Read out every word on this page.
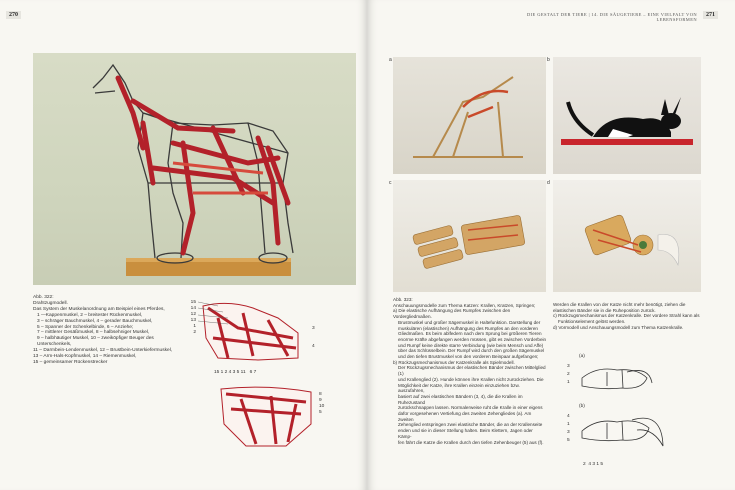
270

Abb. 322:

Drahtzugmodell.

Das System der Muskelanordnung am Beispiel eines Pferdes,

1 —Kappenmuskel, 2 – breitester Rückenmuskel,

3 – schräger Bauchmuskel, 4 – gerader Bauchmuskel,

5 – Spanner der Schenkelbinde, 6 – Anziehe;

7 – mittlerer Gesäßmuskel, 8 – halbsehniger Muskel,

9 – halbhäutiger Muskel, 10 – zweiköpfiger Beuger des Unterschenkels,

11 – Darmbein-Lendenmuskel, 12 – Brustbein-Unterkiefermuskel,

13 – Arm-Hals-Kopfmuskel, 14 – Riemenmuskel,

15 – gemeinsamer Rückenstrecker

15
14
12
13
1
2
3
4
15 1 2 4 3 5 11   6 7
8
9
10
5
DIE GESTALT DER TIERE | 14. DIE SÄUGETIERE – EINE VIELFALT VON LEBENSFORMEN
271
a	b
c	d

Abb. 323:

Anschauungsmodelle zum Thema Katzen: Krallen, Kratzen, Springen;

a) Die elastische Aufhängung des Rumpfes zwischen den Vordergliedmaßen.

Brustmuskel und großer Sägemuskel in Haltefunktion. Darstellung der

muskulären (elastischen) Aufhängung des Rumpfes an den vorderen

Gliedmaßen. Es beim ablfedern nach dem Sprung bei größeren Tieren

enorme Kräfte abgefangen werden müssen, gibt es zwischen Vorderbein

und Rumpf keine direkte starre Verbindung (wie beim Mensch und Affe)

über das Schlüsselbein. Der Rumpf wird durch den großen Sägemuskel

und den tiefen Brustmuskel von den vorderen Beinpaar aufgefangen;

b) Rückzugsmechanismus der Katzenkralle als Spielmodell.

Der Rückzugsmechanismus der elastischen Bänder zwischen Mittelglied (1)

und Krallenglied (2). Hunde können ihre Krallen nicht zurückziehen. Die

Möglichkeit der Katze, ihre Krallen einzein einzuziehen bzw. auszufahren,

basiert auf zwei elastischen Bändern (3, 4), die die Krallen im Ruhezustand

zurückschnappen lassen. Normalerweise ruht die Kralle in einer eigens

dafür vorgesehenen Vertiefung des zweiten Zehengliedes (a). Am zweiten

Zehenglied entspringen zwei elastische Bänder, die an der Krallenseite

enden und sie in dieser Stellung halten. Beim Klettern, Jagen oder Kämp-

fen fährt die Katze die Krallen durch den tiefen Zehenbeuger (5) aus (f).

Werden die Krallen von der Katze nicht mehr benötigt, ziehen die

elastischen Bänder sie in die Ruheposition zurück.

c) Rückzugsmechanismus der Katzenkralle. Der vordere Strahl kann als

Funktionselement gelöst werden.

d) Vormodell und Anschauungsmodell zum Thema Katzenkralle.

(a)
3
2
1
(b)
4
1
3
5
2  4 3 1 5
